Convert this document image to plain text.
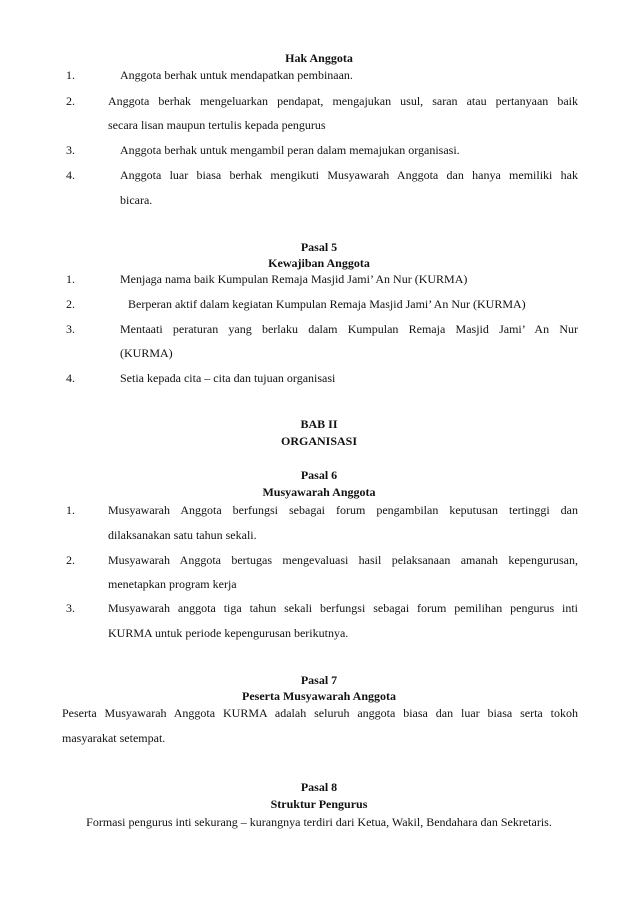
Hak Anggota
1.	Anggota berhak untuk mendapatkan pembinaan.
2.	Anggota berhak mengeluarkan pendapat, mengajukan usul, saran atau pertanyaan baik
secara lisan maupun tertulis kepada pengurus
3.	Anggota berhak untuk mengambil peran dalam memajukan organisasi.
4.	Anggota luar biasa berhak mengikuti Musyawarah Anggota dan hanya memiliki hak
bicara.
Pasal 5
Kewajiban Anggota
1.	Menjaga nama baik Kumpulan Remaja Masjid Jami’ An Nur (KURMA)
2.	Berperan aktif dalam kegiatan Kumpulan Remaja Masjid Jami’ An Nur (KURMA)
3.	Mentaati peraturan yang berlaku dalam Kumpulan Remaja Masjid Jami’ An Nur
(KURMA)
4.	Setia kepada cita – cita dan tujuan organisasi
BAB II
ORGANISASI
Pasal 6
Musyawarah Anggota
1.	Musyawarah Anggota berfungsi sebagai forum pengambilan keputusan tertinggi dan
dilaksanakan satu tahun sekali.
2.	Musyawarah Anggota bertugas mengevaluasi hasil pelaksanaan amanah kepengurusan,
menetapkan program kerja
3.	Musyawarah anggota tiga tahun sekali berfungsi sebagai forum pemilihan pengurus inti
KURMA untuk periode kepengurusan berikutnya.
Pasal 7
Peserta Musyawarah Anggota
Peserta Musyawarah Anggota KURMA adalah seluruh anggota biasa dan luar biasa serta tokoh
masyarakat setempat.
Pasal 8
Struktur Pengurus
Formasi pengurus inti sekurang – kurangnya terdiri dari Ketua, Wakil, Bendahara dan Sekretaris.
